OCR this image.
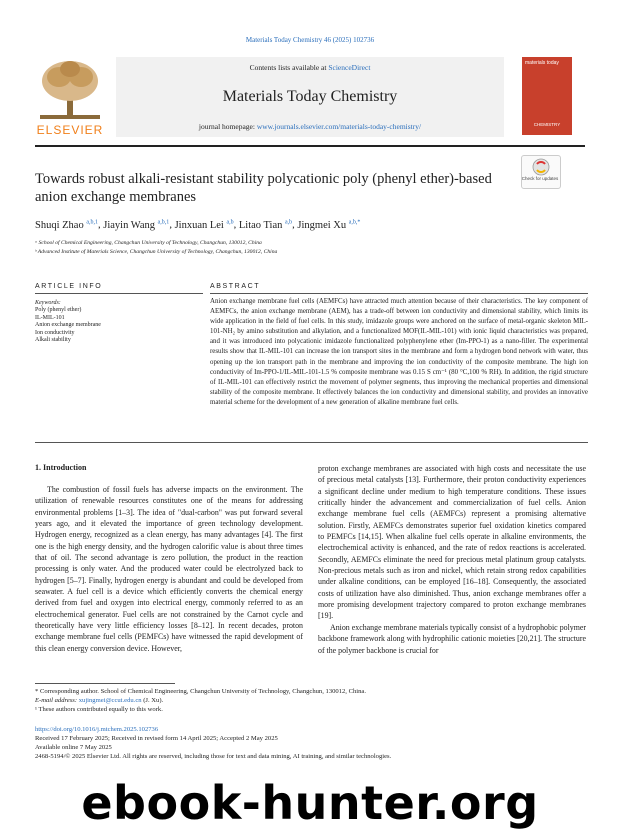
Materials Today Chemistry 46 (2025) 102736
ELSEVIER
Contents lists available at ScienceDirect
Materials Today Chemistry
journal homepage: www.journals.elsevier.com/materials-today-chemistry/
materials today
CHEMISTRY
Towards robust alkali-resistant stability polycationic poly (phenyl ether)-based anion exchange membranes
Check for updates
Shuqi Zhao $^{a,b,1}$, Jiayin Wang $^{a,b,1}$, Jinxuan Lei $^{a,b}$, Litao Tian $^{a,b}$, Jingmei Xu $^{a,b,*}$
ᵃ School of Chemical Engineering, Changchun University of Technology, Changchun, 130012, China
ᵇ Advanced Institute of Materials Science, Changchun University of Technology, Changchun, 130012, China
ARTICLE INFO	ABSTRACT
Keywords:
Poly (phenyl ether)
IL-MIL-101
Anion exchange membrane
Ion conductivity
Alkali stability
Anion exchange membrane fuel cells (AEMFCs) have attracted much attention because of their characteristics. The key component of AEMFCs, the anion exchange membrane (AEM), has a trade-off between ion conductivity and dimensional stability, which limits its wide application in the field of fuel cells. In this study, imidazole groups were anchored on the surface of metal-organic skeleton MIL-101-NH₂ by amino substitution and alkylation, and a functionalized MOF(IL-MIL-101) with ionic liquid characteristics was prepared, and it was introduced into polycationic imidazole functionalized polyphenylene ether (Im-PPO-1) as a nano-filler. The experimental results show that IL-MIL-101 can increase the ion transport sites in the membrane and form a hydrogen bond network with water, thus opening up the ion transport path in the membrane and improving the ion conductivity of the composite membrane. The high ion conductivity of Im-PPO-1/IL-MIL-101-1.5 % composite membrane was 0.15 S cm⁻¹ (80 °C,100 % RH). In addition, the rigid structure of IL-MIL-101 can effectively restrict the movement of polymer segments, thus improving the mechanical properties and dimensional stability of the composite membrane. It effectively balances the ion conductivity and dimensional stability, and provides an innovative material scheme for the development of a new generation of alkaline membrane fuel cells.
1. Introduction

The combustion of fossil fuels has adverse impacts on the environment. The utilization of renewable resources constitutes one of the means for addressing environmental problems [1–3]. The idea of "dual-carbon" was put forward several years ago, and it elevated the importance of green technology development. Hydrogen energy, recognized as a clean energy, has many advantages [4]. The first one is the high energy density, and the hydrogen calorific value is about three times that of oil. The second advantage is zero pollution, the product in the reaction processing is only water. And the produced water could be electrolyzed back to hydrogen [5–7]. Finally, hydrogen energy is abundant and could be developed from seawater. A fuel cell is a device which efficiently converts the chemical energy derived from fuel and oxygen into electrical energy, commonly referred to as an electrochemical generator. Fuel cells are not constrained by the Carnot cycle and theoretically have very little efficiency losses [8–12]. In recent decades, proton exchange membrane fuel cells (PEMFCs) have witnessed the rapid development of this clean energy conversion device. However,

proton exchange membranes are associated with high costs and necessitate the use of precious metal catalysts [13]. Furthermore, their proton conductivity experiences a significant decline under medium to high temperature conditions. These issues critically hinder the advancement and commercialization of fuel cells. Anion exchange membrane fuel cells (AEMFCs) represent a promising alternative solution. Firstly, AEMFCs demonstrates superior fuel oxidation kinetics compared to PEMFCs [14,15]. When alkaline fuel cells operate in alkaline environments, the electrochemical activity is enhanced, and the rate of redox reactions is accelerated. Secondly, AEMFCs eliminate the need for precious metal platinum group catalysts. Non-precious metals such as iron and nickel, which retain strong redox capabilities under alkaline conditions, can be employed [16–18]. Consequently, the associated costs of utilization have also diminished. Thus, anion exchange membranes offer a more promising development trajectory compared to proton exchange membranes [19].

Anion exchange membrane materials typically consist of a hydrophobic polymer backbone framework along with hydrophilic cationic moieties [20,21]. The structure of the polymer backbone is crucial for

* Corresponding author. School of Chemical Engineering, Changchun University of Technology, Changchun, 130012, China.
E-mail address: xujingmei@ccut.edu.cn (J. Xu).
¹ These authors contributed equally to this work.
https://doi.org/10.1016/j.mtchem.2025.102736
Received 17 February 2025; Received in revised form 14 April 2025; Accepted 2 May 2025
Available online 7 May 2025
2468-5194/© 2025 Elsevier Ltd. All rights are reserved, including those for text and data mining, AI training, and similar technologies.
ebook-hunter.org
